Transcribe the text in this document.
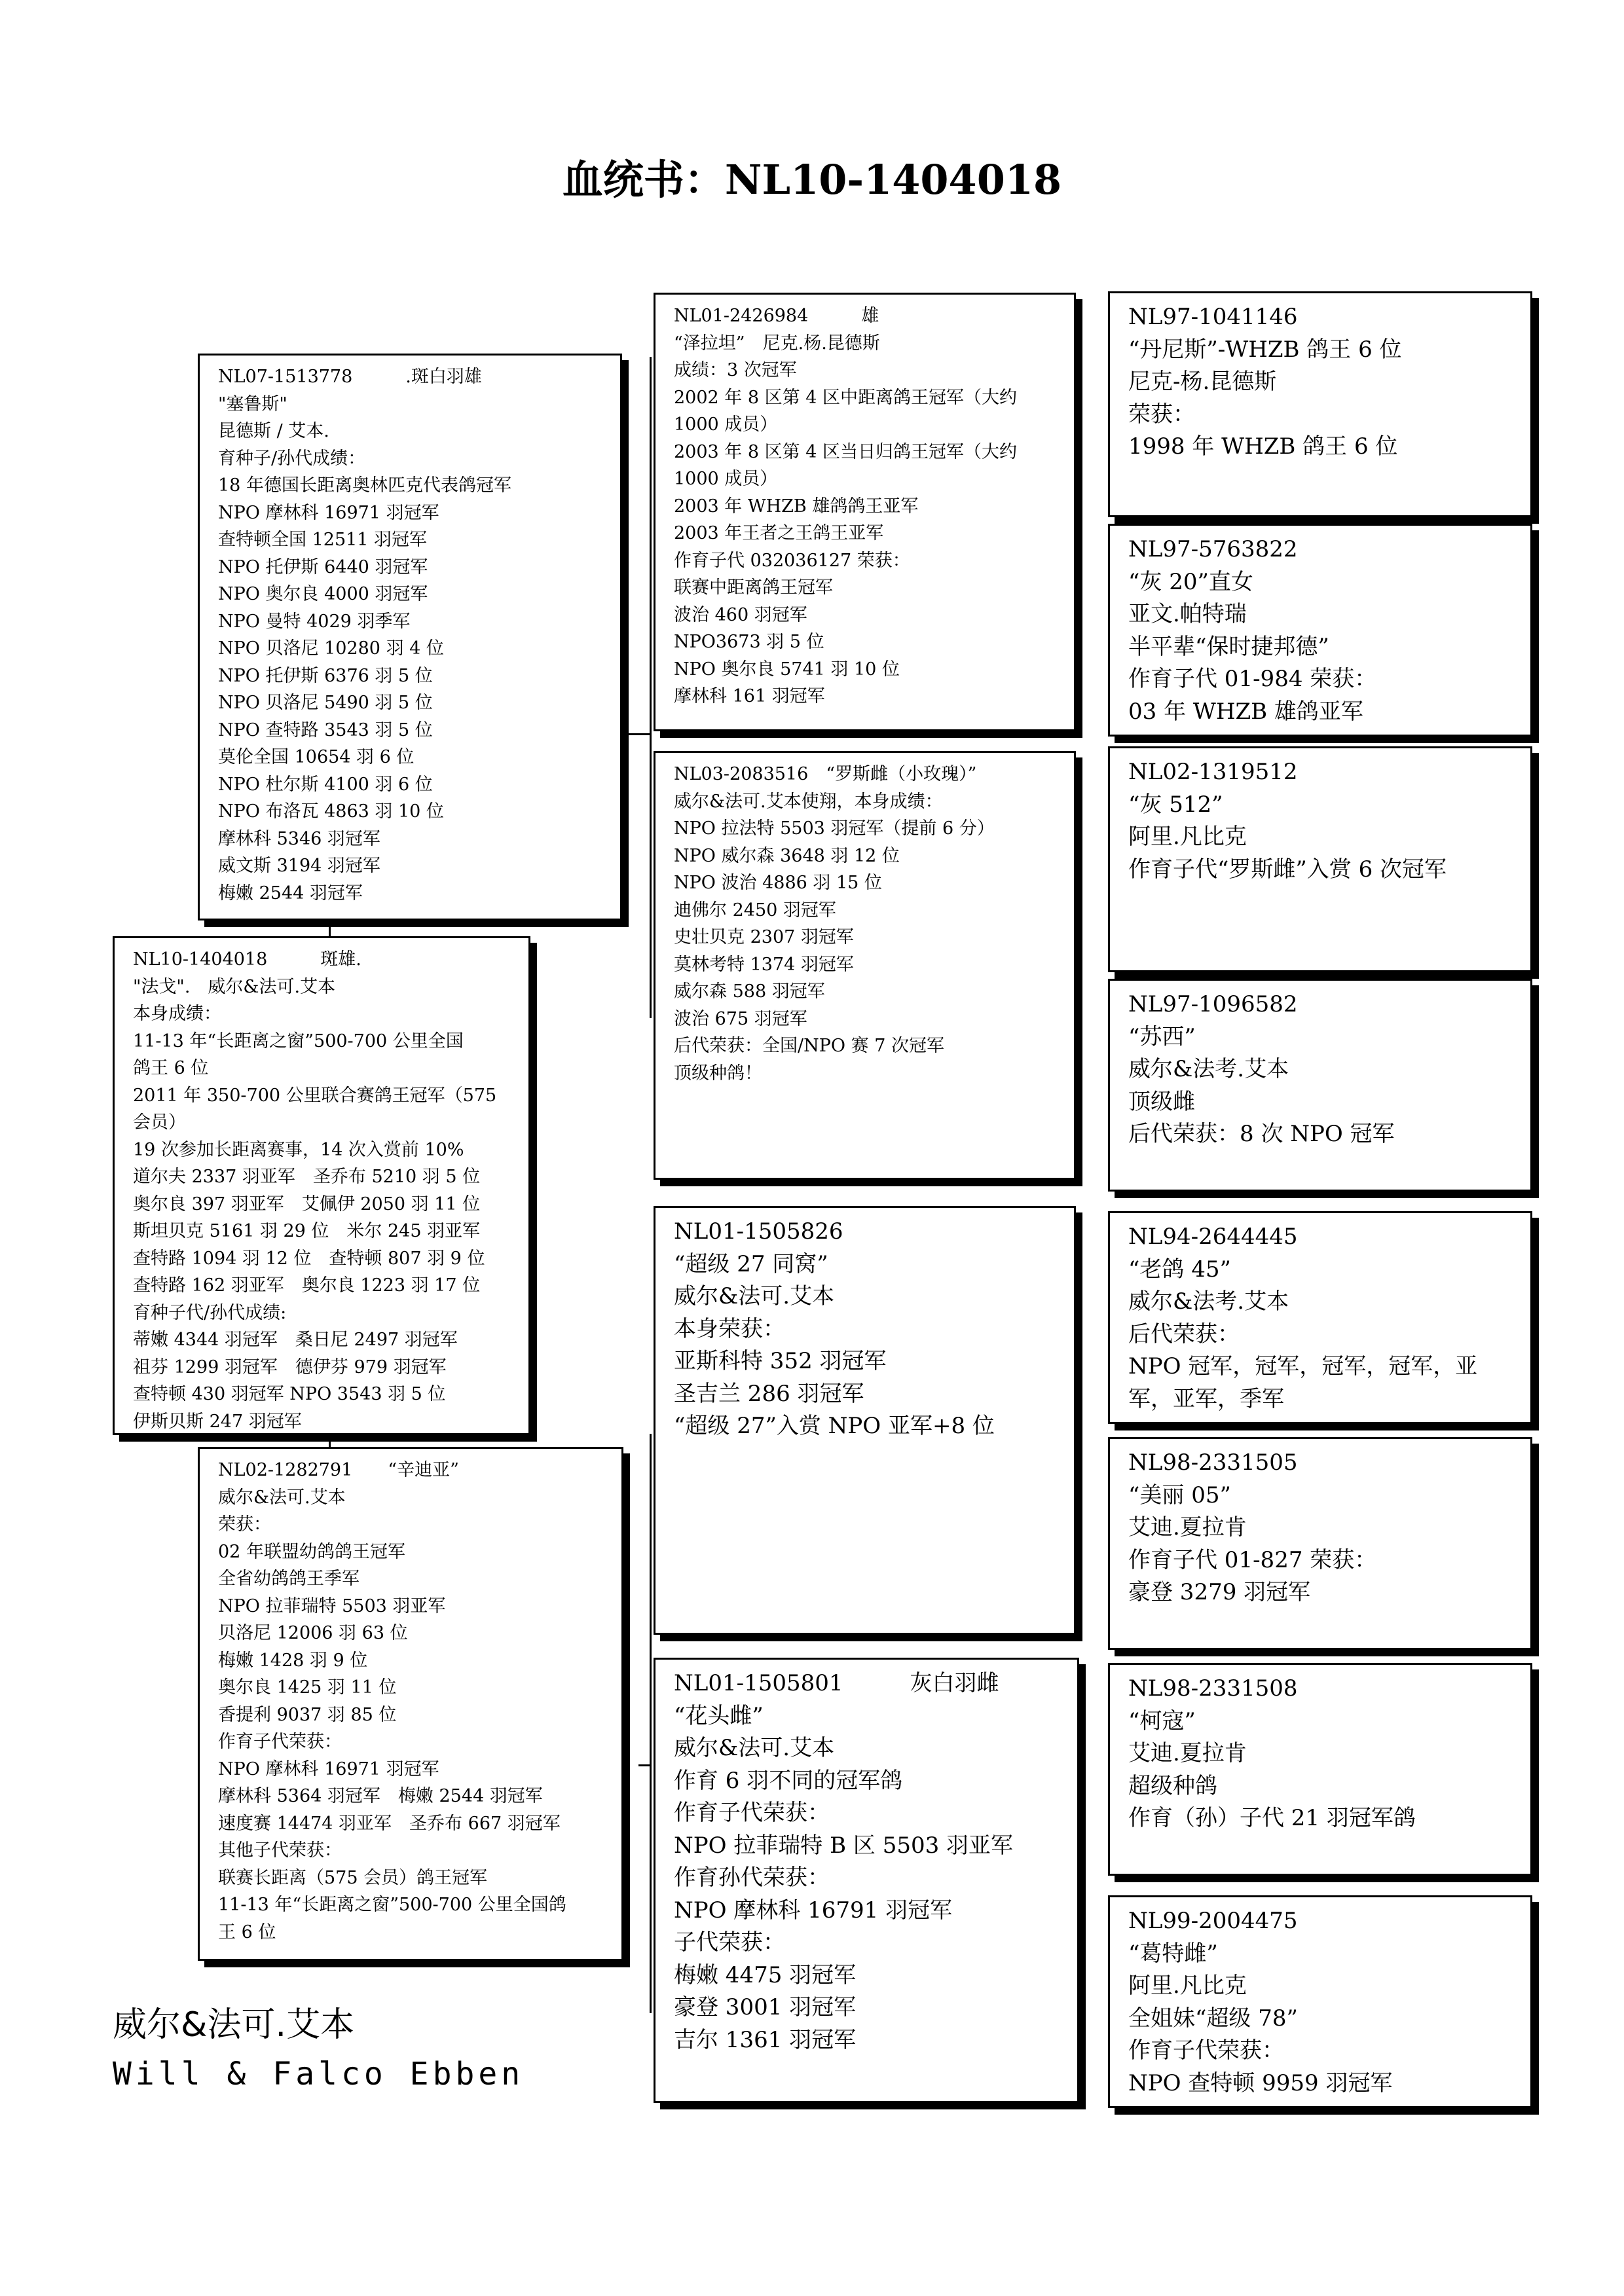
血统书：NL10-1404018
NL07-1513778　　　.斑白羽雄
"塞鲁斯"
昆德斯 / 艾本.
育种子/孙代成绩：
18 年德国长距离奥林匹克代表鸽冠军
NPO 摩林科 16971 羽冠军
查特顿全国 12511 羽冠军
NPO 托伊斯 6440 羽冠军
NPO 奥尔良 4000 羽冠军
NPO 曼特 4029 羽季军
NPO 贝洛尼 10280 羽 4 位
NPO 托伊斯 6376 羽 5 位
NPO 贝洛尼 5490 羽 5 位
NPO 查特路 3543 羽 5 位
莫伦全国 10654 羽 6 位
NPO 杜尔斯 4100 羽 6 位
NPO 布洛瓦 4863 羽 10 位
摩林科 5346 羽冠军
威文斯 3194 羽冠军
梅嫩 2544 羽冠军
NL10-1404018　　　斑雄.
"法戈".　威尔&法可.艾本
本身成绩：
11-13 年“长距离之窗”500-700 公里全国
鸽王 6 位
2011 年 350-700 公里联合赛鸽王冠军（575
会员）
19 次参加长距离赛事，14 次入赏前 10%
道尔夫 2337 羽亚军　圣乔布 5210 羽 5 位
奥尔良 397 羽亚军　艾佩伊 2050 羽 11 位
斯坦贝克 5161 羽 29 位　米尔 245 羽亚军
查特路 1094 羽 12 位　查特顿 807 羽 9 位
查特路 162 羽亚军　奥尔良 1223 羽 17 位
育种子代/孙代成绩:
蒂嫩 4344 羽冠军　桑日尼 2497 羽冠军
祖芬 1299 羽冠军　德伊芬 979 羽冠军
查特顿 430 羽冠军 NPO 3543 羽 5 位
伊斯贝斯 247 羽冠军
NL02-1282791　　“辛迪亚”
威尔&法可.艾本
荣获：
02 年联盟幼鸽鸽王冠军
全省幼鸽鸽王季军
NPO 拉菲瑞特 5503 羽亚军
贝洛尼 12006 羽 63 位
梅嫩 1428 羽 9 位
奥尔良 1425 羽 11 位
香提利 9037 羽 85 位
作育子代荣获：
NPO 摩林科 16971 羽冠军
摩林科 5364 羽冠军　梅嫩 2544 羽冠军
速度赛 14474 羽亚军　圣乔布 667 羽冠军
其他子代荣获：
联赛长距离（575 会员）鸽王冠军
11-13 年“长距离之窗”500-700 公里全国鸽
王 6 位
NL01-2426984　　　雄
“泽拉坦”　尼克.杨.昆德斯
成绩：3 次冠军
2002 年 8 区第 4 区中距离鸽王冠军（大约
1000 成员）
2003 年 8 区第 4 区当日归鸽王冠军（大约
1000 成员）
2003 年 WHZB 雄鸽鸽王亚军
2003 年王者之王鸽王亚军
作育子代 032036127 荣获：
联赛中距离鸽王冠军
波治 460 羽冠军
NPO3673 羽 5 位
NPO 奥尔良 5741 羽 10 位
摩林科 161 羽冠军
NL03-2083516　“罗斯雌（小玫瑰）”
威尔&法可.艾本使翔，本身成绩：
NPO 拉法特 5503 羽冠军（提前 6 分）
NPO 威尔森 3648 羽 12 位
NPO 波治 4886 羽 15 位
迪佛尔 2450 羽冠军
史壮贝克 2307 羽冠军
莫林考特 1374 羽冠军
威尔森 588 羽冠军
波治 675 羽冠军
后代荣获：全国/NPO 赛 7 次冠军
顶级种鸽！
NL01-1505826
“超级 27 同窝”
威尔&法可.艾本
本身荣获：
亚斯科特 352 羽冠军
圣吉兰 286 羽冠军
“超级 27”入赏 NPO 亚军+8 位
NL01-1505801　　　灰白羽雌
“花头雌”
威尔&法可.艾本
作育 6 羽不同的冠军鸽
作育子代荣获：
NPO 拉菲瑞特 B 区 5503 羽亚军
作育孙代荣获：
NPO 摩林科 16791 羽冠军
子代荣获：
梅嫩 4475 羽冠军
豪登 3001 羽冠军
吉尔 1361 羽冠军
NL97-1041146
“丹尼斯”-WHZB 鸽王 6 位
尼克-杨.昆德斯
荣获：
1998 年 WHZB 鸽王 6 位
NL97-5763822
“灰 20”直女
亚文.帕特瑞
半平辈“保时捷邦德”
作育子代 01-984 荣获：
03 年 WHZB 雄鸽亚军
NL02-1319512
“灰 512”
阿里.凡比克
作育子代“罗斯雌”入赏 6 次冠军
NL97-1096582
“苏西”
威尔&法考.艾本
顶级雌
后代荣获：8 次 NPO 冠军
NL94-2644445
“老鸽 45”
威尔&法考.艾本
后代荣获：
NPO 冠军，冠军，冠军，冠军，亚
军，亚军，季军
NL98-2331505
“美丽 05”
艾迪.夏拉肯
作育子代 01-827 荣获：
豪登 3279 羽冠军
NL98-2331508
“柯寇”
艾迪.夏拉肯
超级种鸽
作育（孙）子代 21 羽冠军鸽
NL99-2004475
“葛特雌”
阿里.凡比克
全姐妹“超级 78”
作育子代荣获：
NPO 查特顿 9959 羽冠军
威尔&法可.艾本
Will & Falco Ebben
